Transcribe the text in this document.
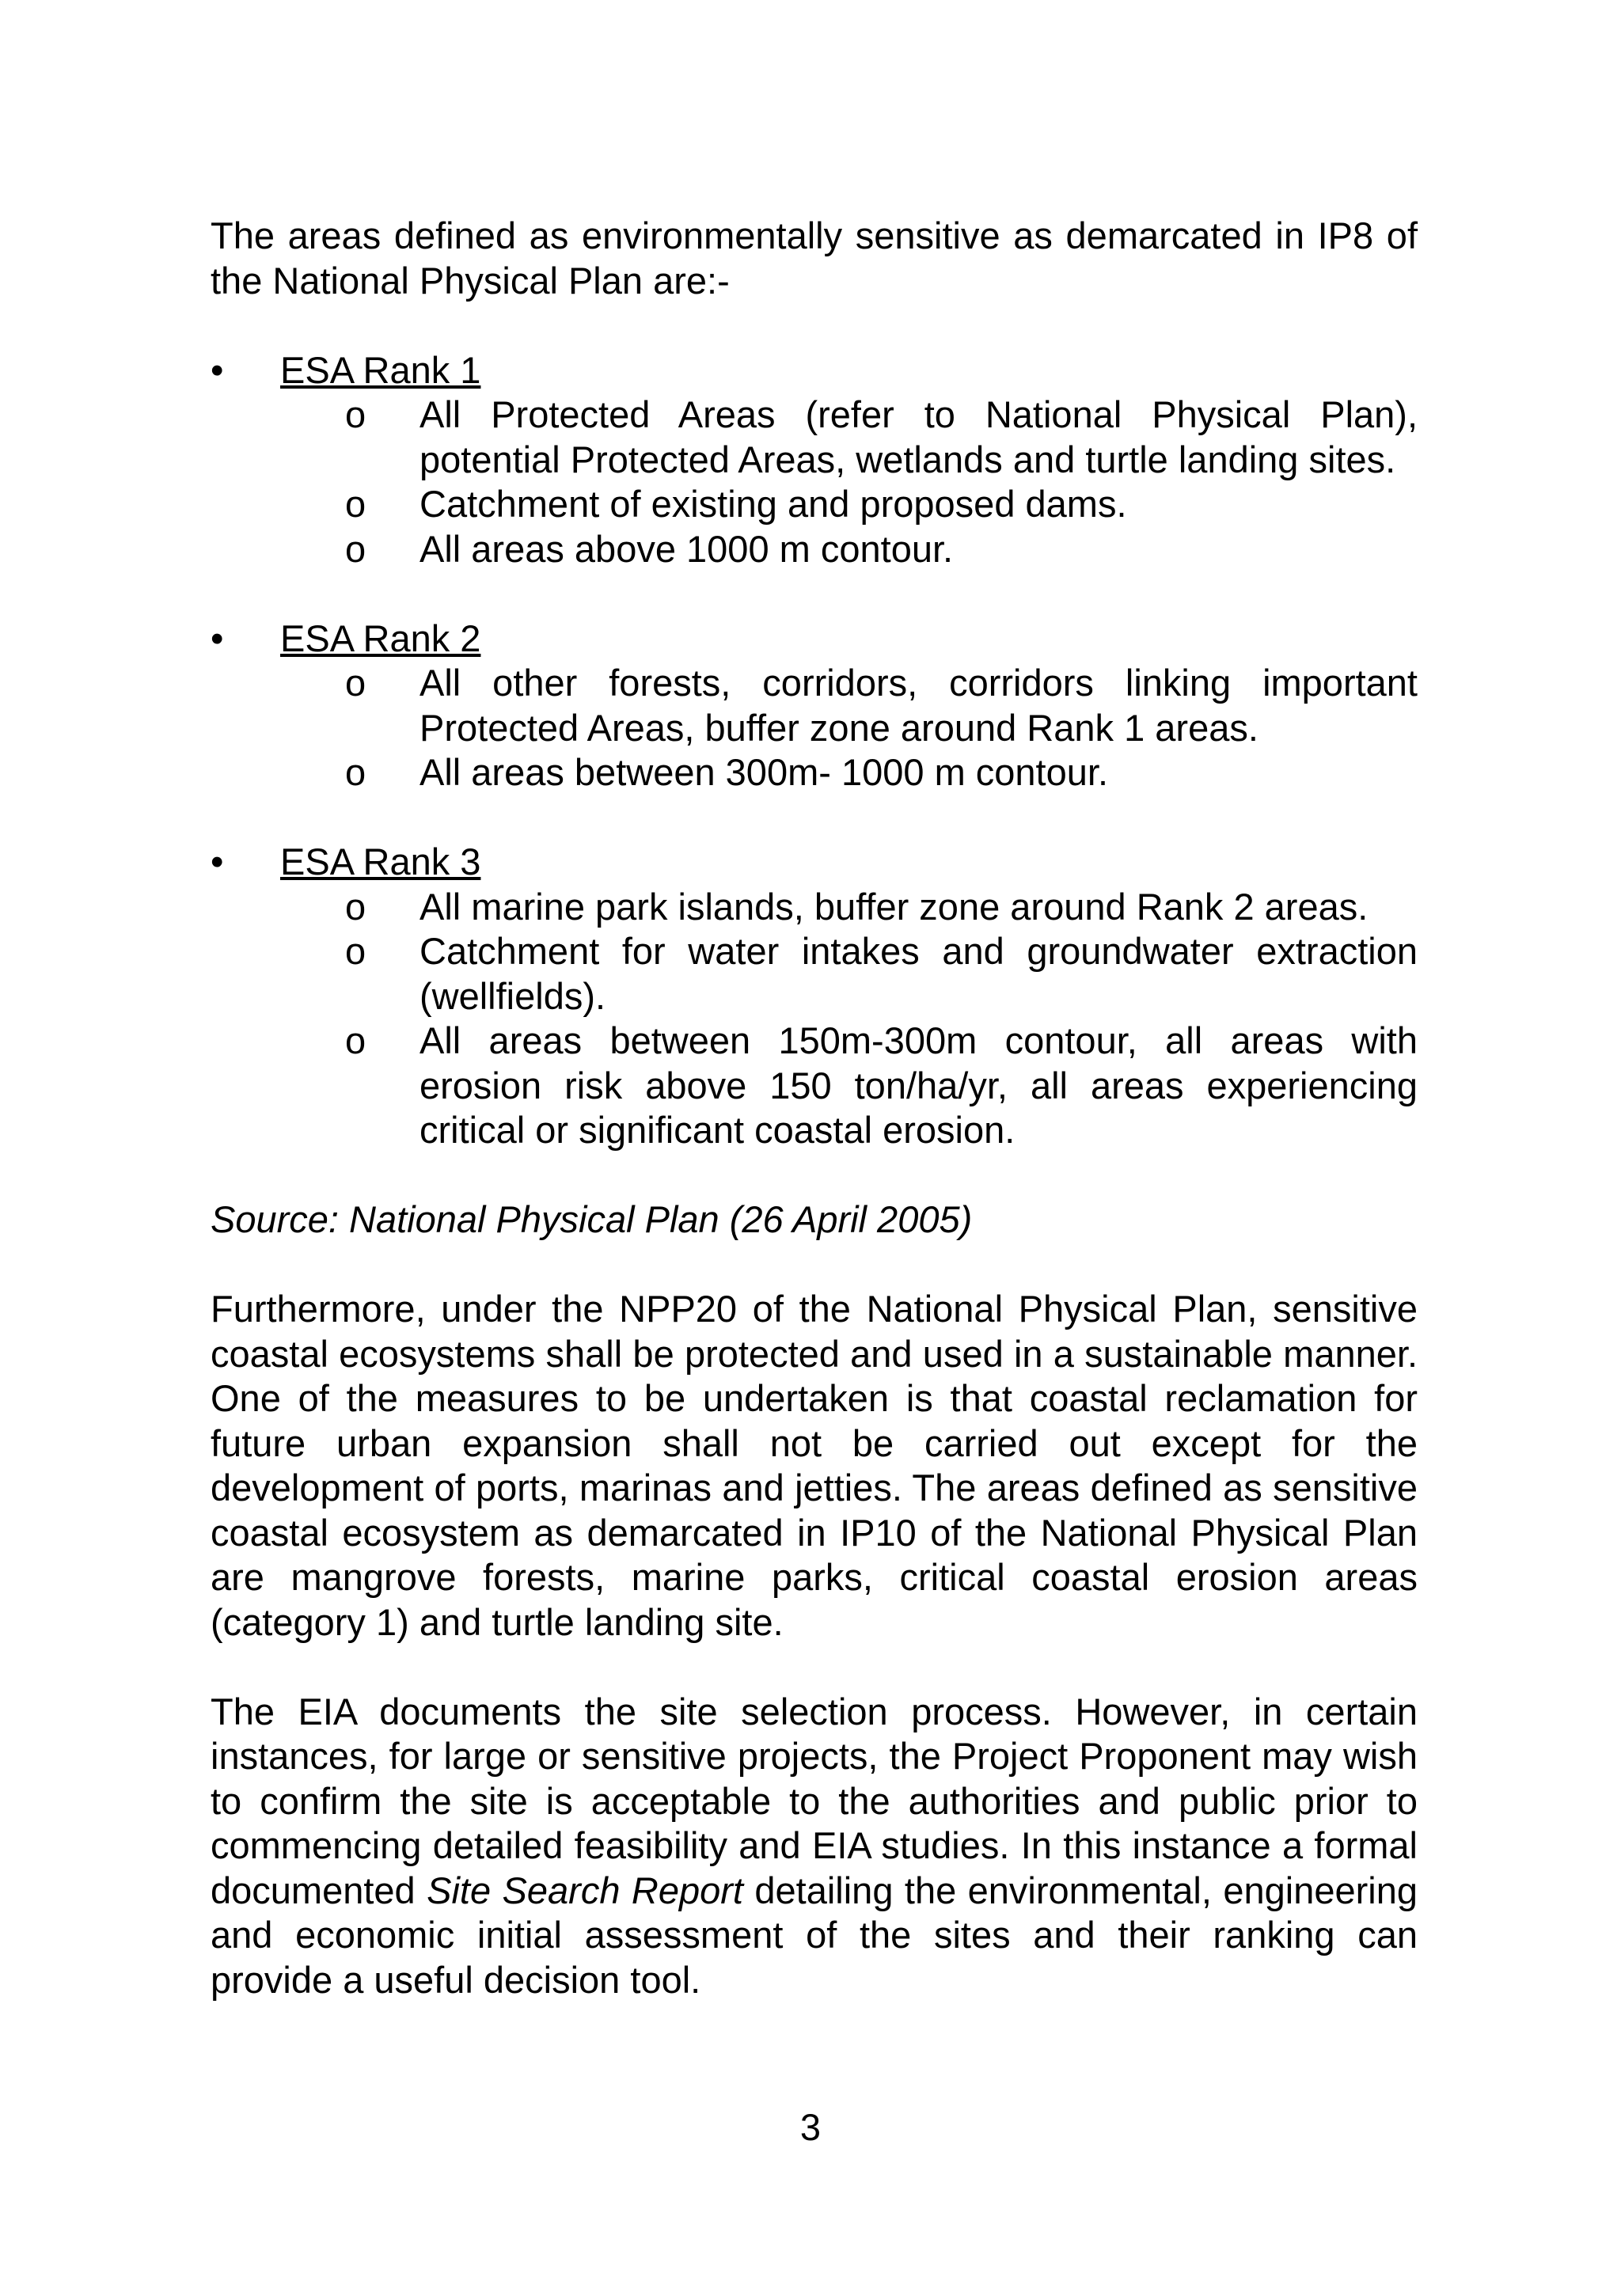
The areas defined as environmentally sensitive as demarcated in IP8 of the National Physical Plan are:-

• ESA Rank 1
o All Protected Areas (refer to National Physical Plan), potential Protected Areas, wetlands and turtle landing sites.
o Catchment of existing and proposed dams.
o All areas above 1000 m contour.
• ESA Rank 2
o All other forests, corridors, corridors linking important Protected Areas, buffer zone around Rank 1 areas.
o All areas between 300m- 1000 m contour.
• ESA Rank 3
o All marine park islands, buffer zone around Rank 2 areas.
o Catchment for water intakes and groundwater extraction (wellfields).
o All areas between 150m-300m contour, all areas with erosion risk above 150 ton/ha/yr, all areas experiencing critical or significant coastal erosion.

Source: National Physical Plan (26 April 2005)

Furthermore, under the NPP20 of the National Physical Plan, sensitive coastal ecosystems shall be protected and used in a sustainable manner. One of the measures to be undertaken is that coastal reclamation for future urban expansion shall not be carried out except for the development of ports, marinas and jetties. The areas defined as sensitive coastal ecosystem as demarcated in IP10 of the National Physical Plan are mangrove forests, marine parks, critical coastal erosion areas (category 1) and turtle landing site.

The EIA documents the site selection process. However, in certain instances, for large or sensitive projects, the Project Proponent may wish to confirm the site is acceptable to the authorities and public prior to commencing detailed feasibility and EIA studies. In this instance a formal documented Site Search Report detailing the environmental, engineering and economic initial assessment of the sites and their ranking can provide a useful decision tool.

3
